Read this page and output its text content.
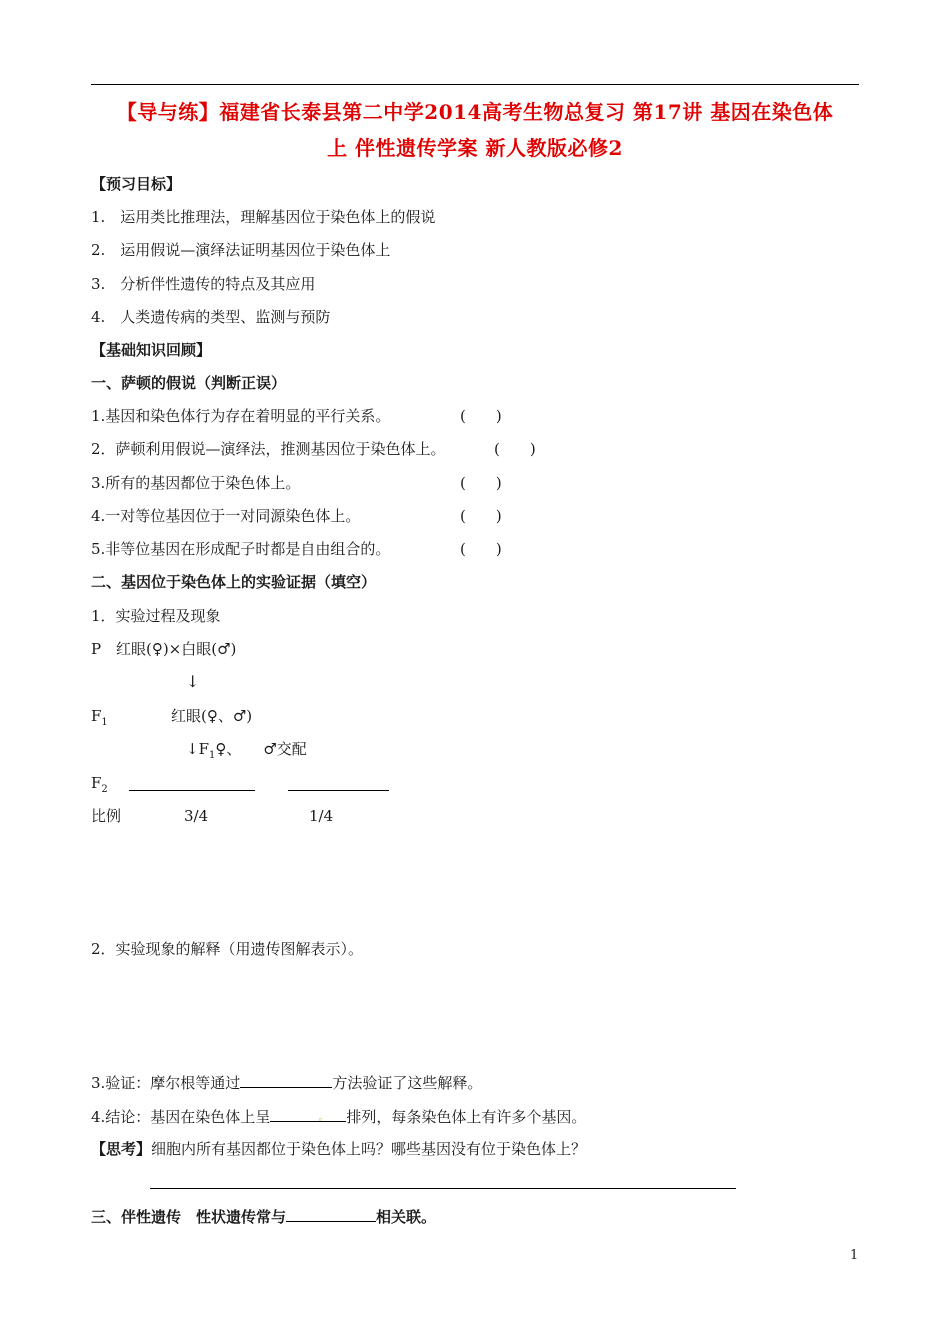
【导与练】福建省长泰县第二中学2014高考生物总复习 第17讲 基因在染色体
上 伴性遗传学案 新人教版必修2
【预习目标】
1.　运用类比推理法，理解基因位于染色体上的假说
2.　运用假说—演绎法证明基因位于染色体上
3.　分析伴性遗传的特点及其应用
4.　人类遗传病的类型、监测与预防
【基础知识回顾】
一、萨顿的假说（判断正误）
1.基因和染色体行为存在着明显的平行关系。	(　　)
2．萨顿利用假说—演绎法，推测基因位于染色体上。	(　　)
3.所有的基因都位于染色体上。	(　　)
4.一对等位基因位于一对同源染色体上。	(　　)
5.非等位基因在形成配子时都是自由组合的。	(　　)
二、基因位于染色体上的实验证据（填空）
1．实验过程及现象
P 红眼(♀)×白眼(♂)
↓
$F_1$	红眼(♀、♂)
$↓F_1♀$、 ♂交配
$F_2$
比例	3/4	1/4
2．实验现象的解释（用遗传图解表示）。
3.验证：摩尔根等通过	方法验证了这些解释。
4.结论：基因在染色体上呈	。 排列，每条染色体上有许多个基因。
【思考】细胞内所有基因都位于染色体上吗？哪些基因没有位于染色体上？
三、伴性遗传　性状遗传常与	相关联。
1
